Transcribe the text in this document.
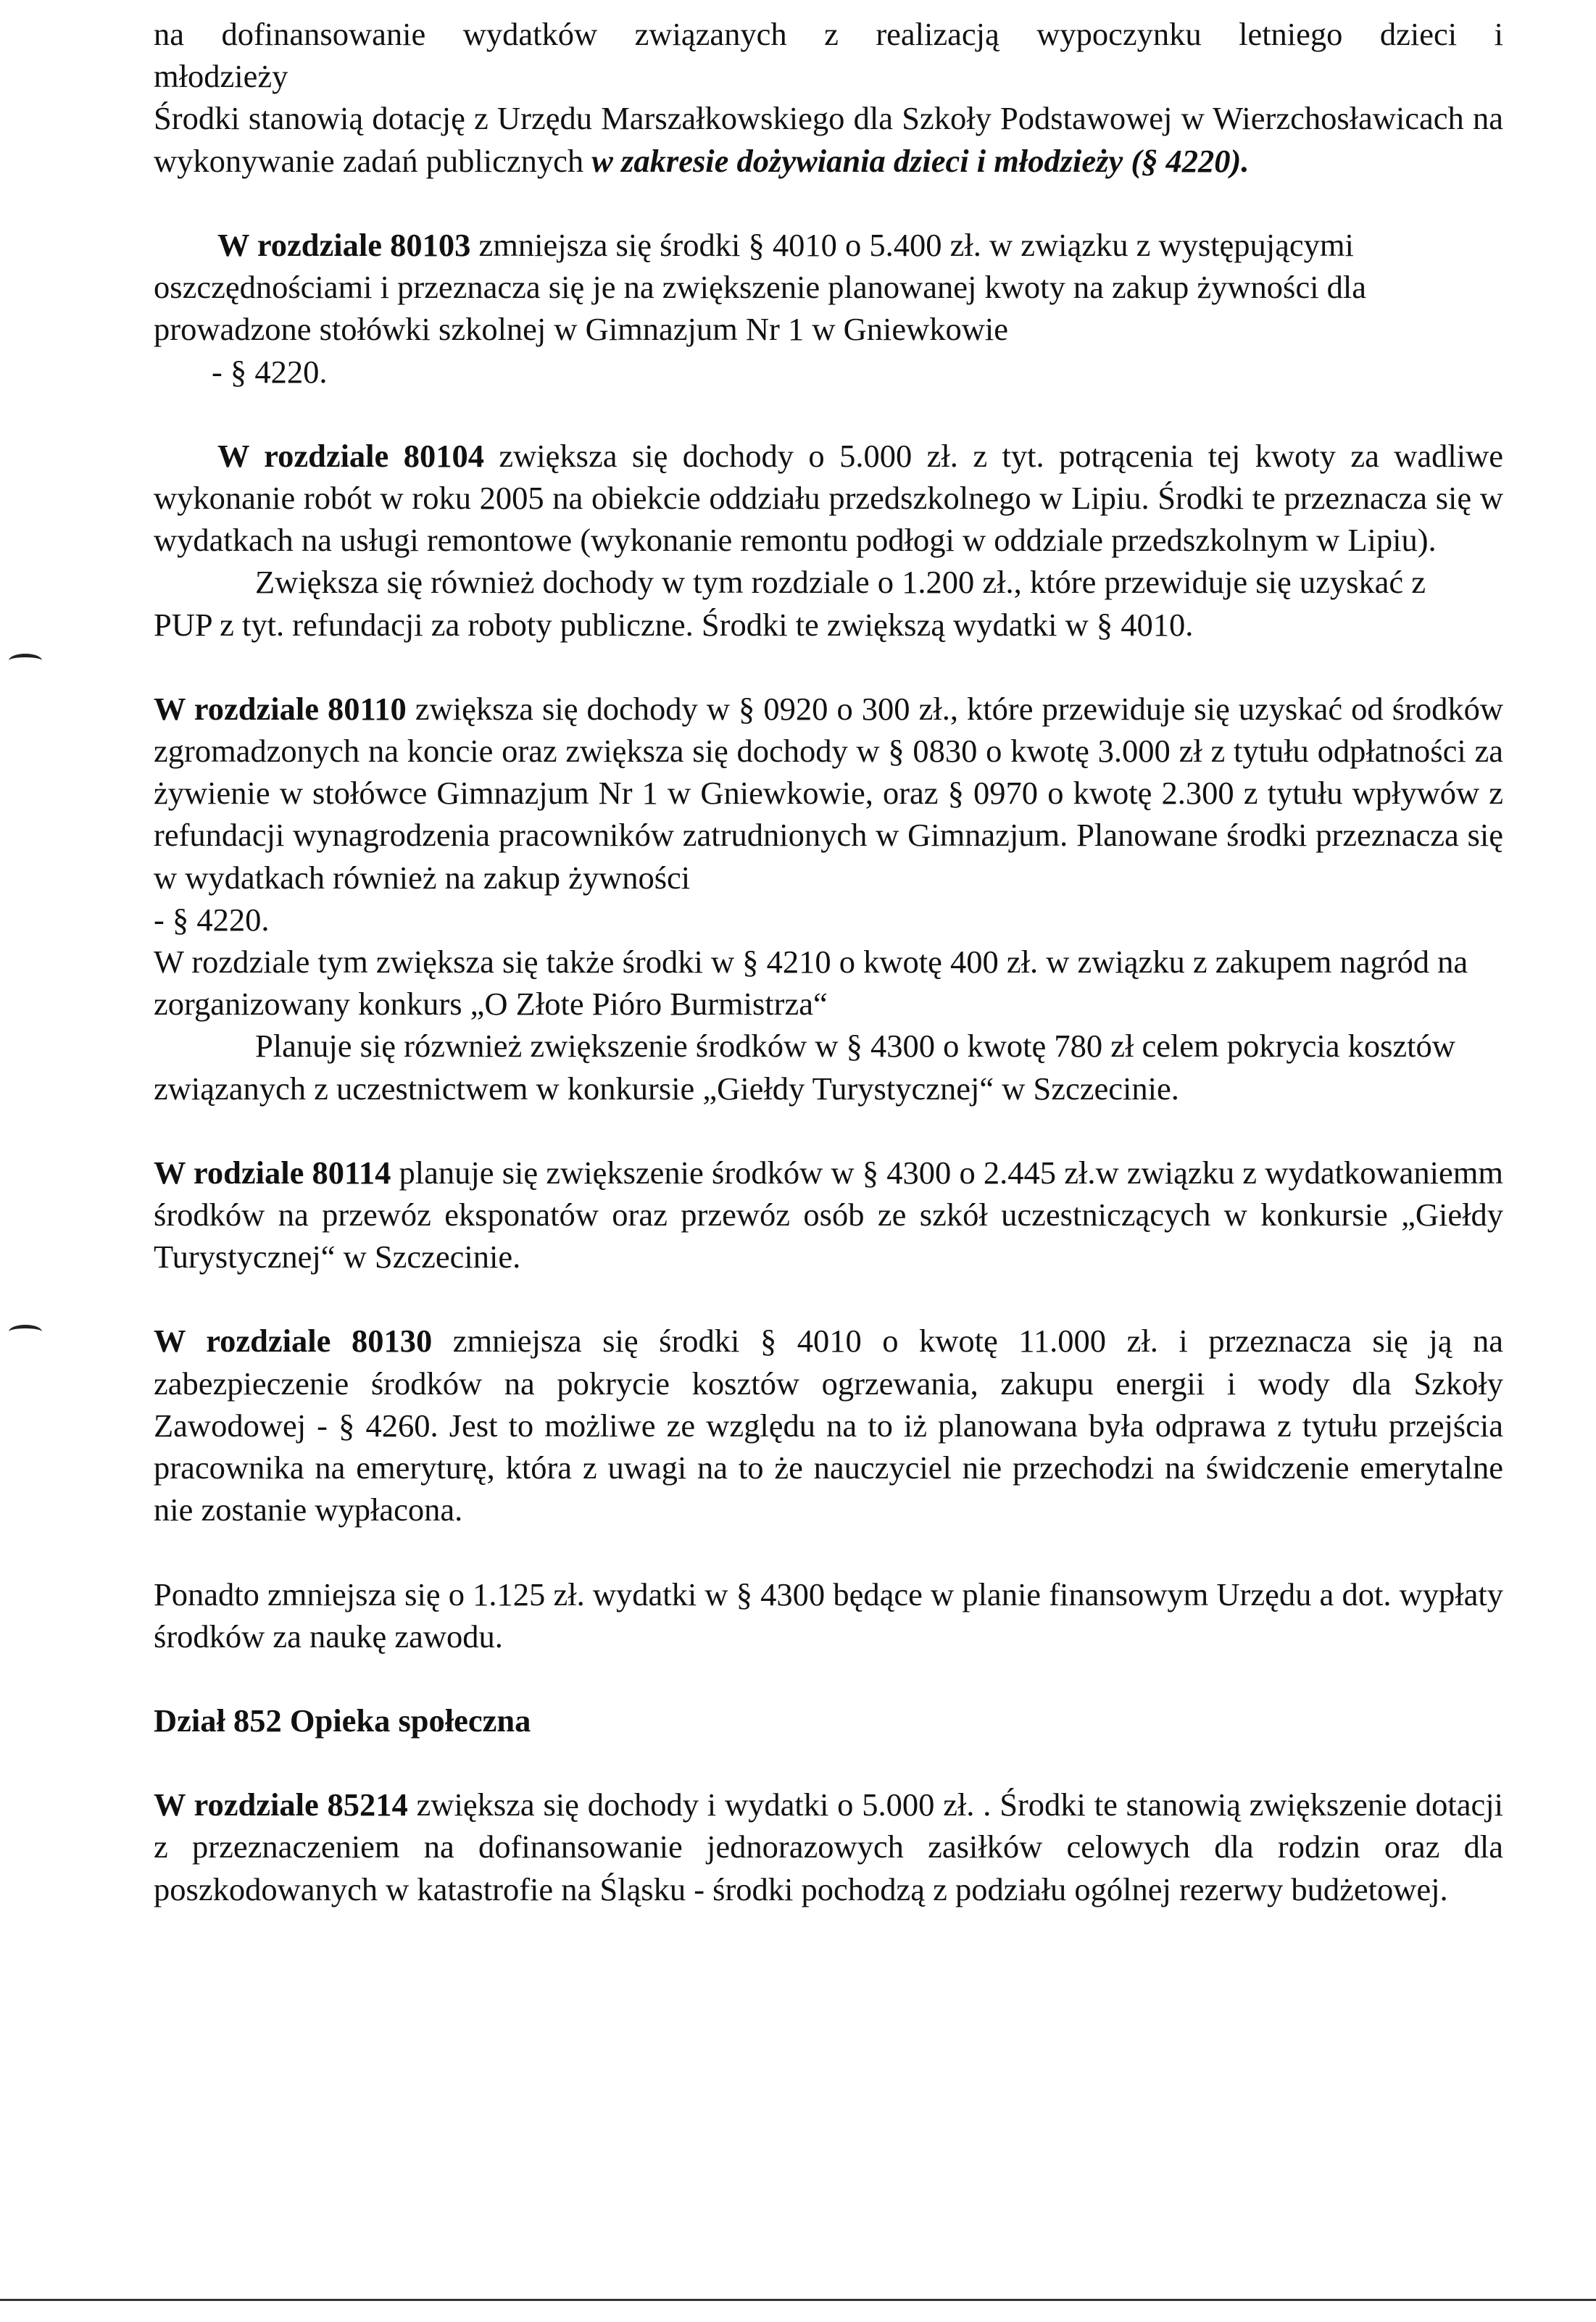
na dofinansowanie wydatków związanych z realizacją wypoczynku letniego dzieci i

młodzieży

Środki stanowią dotację z Urzędu Marszałkowskiego dla Szkoły Podstawowej w Wierzchosławicach na wykonywanie zadań publicznych w zakresie dożywiania dzieci i młodzieży (§ 4220).

W rozdziale 80103 zmniejsza się środki § 4010 o 5.400 zł. w związku z występującymi oszczędnościami i przeznacza się je na zwiększenie planowanej kwoty na zakup żywności dla prowadzone stołówki szkolnej w Gimnazjum Nr 1 w Gniewkowie

- § 4220.

W rozdziale 80104 zwiększa się dochody o 5.000 zł. z tyt. potrącenia tej kwoty za wadliwe wykonanie robót w roku 2005 na obiekcie oddziału przedszkolnego w Lipiu. Środki te przeznacza się w wydatkach na usługi remontowe (wykonanie remontu podłogi w oddziale przedszkolnym w Lipiu).

Zwiększa się również dochody w tym rozdziale o 1.200 zł., które przewiduje się uzyskać z PUP z tyt. refundacji za roboty publiczne. Środki te zwiększą wydatki w § 4010.

W rozdziale 80110 zwiększa się dochody w § 0920 o 300 zł., które przewiduje się uzyskać od środków zgromadzonych na koncie oraz zwiększa się dochody w § 0830 o kwotę 3.000 zł z tytułu odpłatności za żywienie w stołówce Gimnazjum Nr 1 w Gniewkowie, oraz § 0970 o kwotę 2.300 z tytułu wpływów z refundacji wynagrodzenia pracowników zatrudnionych w Gimnazjum. Planowane środki przeznacza się w wydatkach również na zakup żywności

- § 4220.

W rozdziale tym zwiększa się także środki w § 4210 o kwotę 400 zł. w związku z zakupem nagród na zorganizowany konkurs „O Złote Pióro Burmistrza“

Planuje się rózwnież zwiększenie środków w § 4300 o kwotę 780 zł celem pokrycia kosztów związanych z uczestnictwem w konkursie „Giełdy Turystycznej“ w Szczecinie.

W rodziale 80114 planuje się zwiększenie środków w § 4300 o 2.445 zł.w związku z wydatkowaniemm środków na przewóz eksponatów oraz przewóz osób ze szkół uczestniczących w konkursie „Giełdy Turystycznej“ w Szczecinie.

W rozdziale 80130 zmniejsza się środki § 4010 o kwotę 11.000 zł. i przeznacza się ją na zabezpieczenie środków na pokrycie kosztów ogrzewania, zakupu energii i wody dla Szkoły Zawodowej - § 4260. Jest to możliwe ze względu na to iż planowana była odprawa z tytułu przejścia pracownika na emeryturę, która z uwagi na to że nauczyciel nie przechodzi na świdczenie emerytalne nie zostanie wypłacona.

Ponadto zmniejsza się o 1.125 zł. wydatki w § 4300 będące w planie finansowym Urzędu a dot. wypłaty środków za naukę zawodu.

Dział 852 Opieka społeczna

W rozdziale 85214 zwiększa się dochody i wydatki o 5.000 zł. . Środki te stanowią zwiększenie dotacji z przeznaczeniem na dofinansowanie jednorazowych zasiłków celowych dla rodzin oraz dla poszkodowanych w katastrofie na Śląsku - środki pochodzą z podziału ogólnej rezerwy budżetowej.
